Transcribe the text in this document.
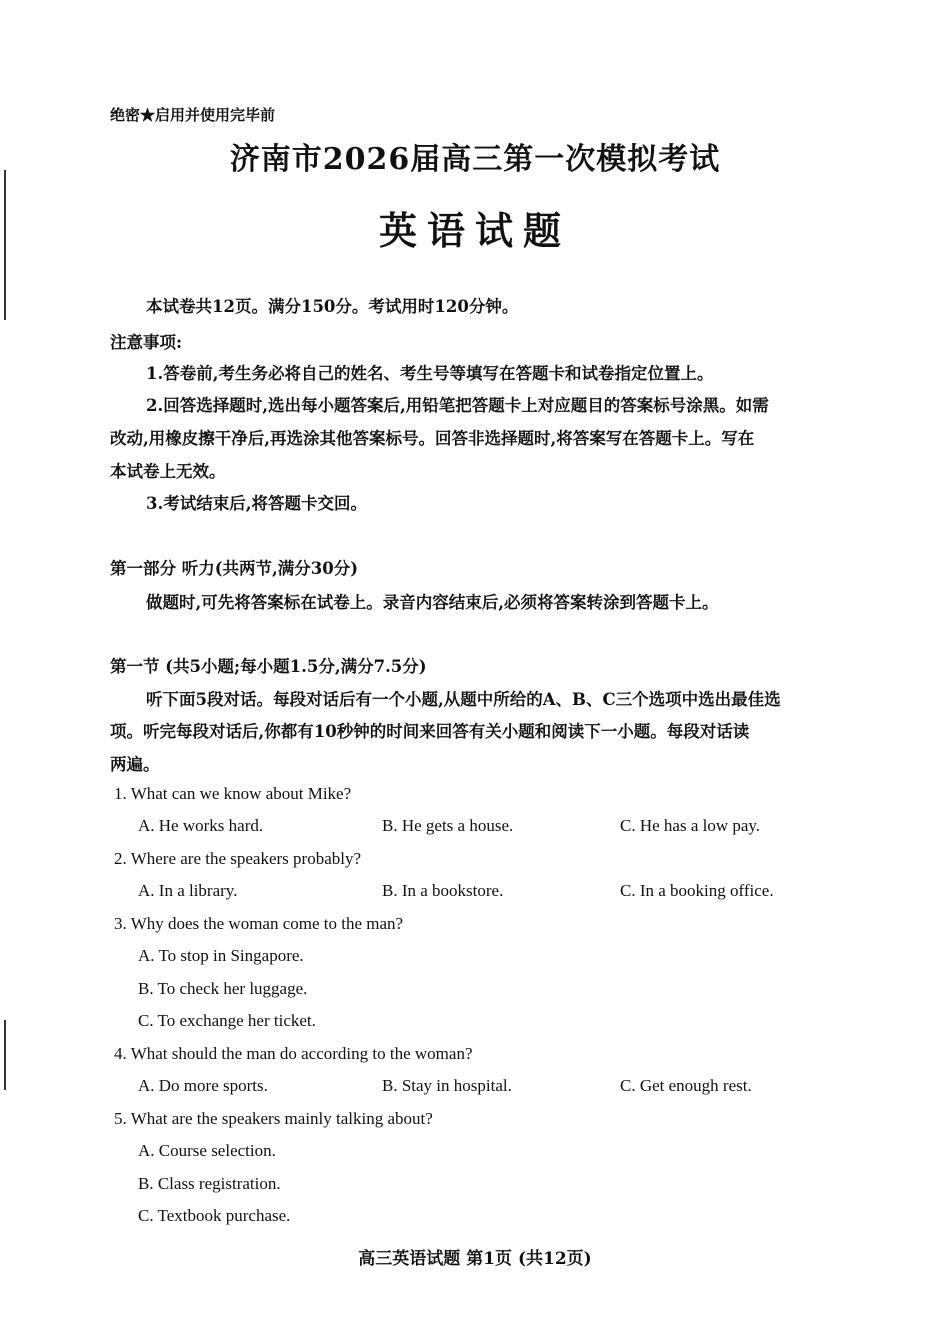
绝密★启用并使用完毕前
济南市2026届高三第一次模拟考试
英语试题
本试卷共12页。满分150分。考试用时120分钟。
注意事项:
1.答卷前,考生务必将自己的姓名、考生号等填写在答题卡和试卷指定位置上。
2.回答选择题时,选出每小题答案后,用铅笔把答题卡上对应题目的答案标号涂黑。如需
改动,用橡皮擦干净后,再选涂其他答案标号。回答非选择题时,将答案写在答题卡上。写在
本试卷上无效。
3.考试结束后,将答题卡交回。
第一部分 听力(共两节,满分30分)
做题时,可先将答案标在试卷上。录音内容结束后,必须将答案转涂到答题卡上。
第一节 (共5小题;每小题1.5分,满分7.5分)
听下面5段对话。每段对话后有一个小题,从题中所给的A、B、C三个选项中选出最佳选
项。听完每段对话后,你都有10秒钟的时间来回答有关小题和阅读下一小题。每段对话读
两遍。
1. What can we know about Mike?
A. He works hard.	B. He gets a house.	C. He has a low pay.
2. Where are the speakers probably?
A. In a library.	B. In a bookstore.	C. In a booking office.
3. Why does the woman come to the man?
A. To stop in Singapore.
B. To check her luggage.
C. To exchange her ticket.
4. What should the man do according to the woman?
A. Do more sports.	B. Stay in hospital.	C. Get enough rest.
5. What are the speakers mainly talking about?
A. Course selection.
B. Class registration.
C. Textbook purchase.
高三英语试题 第1页 (共12页)
